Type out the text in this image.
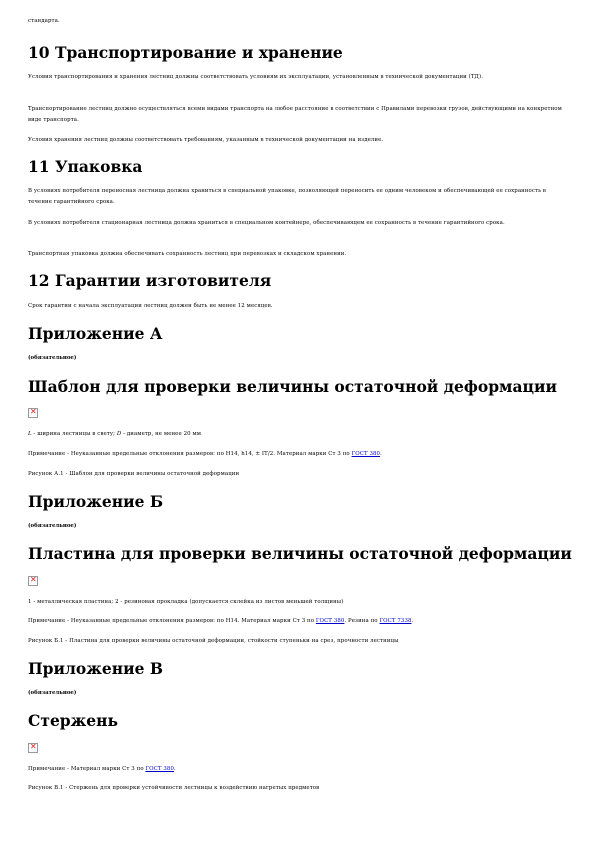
стандарта.

10 Транспортирование и хранение

Условия транспортирования и хранения лестниц должны соответствовать условиям их эксплуатации, установленным в технической документации (ТД).

Транспортирование лестниц должно осуществляться всеми видами транспорта на любое расстояние в соответствии с Правилами перевозки грузов, действующими на конкретном виде транспорта.

Условия хранения лестниц должны соответствовать требованиям, указанным в технической документации на изделие.

11 Упаковка

В условиях потребителя переносная лестница должна храниться в специальной упаковке, позволяющей переносить ее одним человеком и обеспечивающей ее сохранность в течение гарантийного срока.

В условиях потребителя стационарная лестница должна храниться в специальном контейнере, обеспечивающем ее сохранность в течение гарантийного срока.

Транспортная упаковка должна обеспечивать сохранность лестниц при перевозках и складском хранении.

12 Гарантии изготовителя

Срок гарантии с начала эксплуатации лестниц должен быть не менее 12 месяцев.

Приложение А

(обязательное)

Шаблон для проверки величины остаточной деформации
✕

L - ширина лестницы в свету; D - диаметр, не менее 20 мм

Примечание - Неуказанные предельные отклонения размеров: по Н14, h14, ± IT/2. Материал марки Ст 3 по ГОСТ 380.

Рисунок А.1 - Шаблон для проверки величины остаточной деформации

Приложение Б

(обязательное)

Пластина для проверки величины остаточной деформации
✕

1 - металлическая пластина; 2 - резиновая прокладка (допускается склейка из листов меньшей толщины)

Примечание - Неуказанные предельные отклонения размеров: по Н14. Материал марки Ст 3 по ГОСТ 380. Резина по ГОСТ 7338.

Рисунок Б.1 - Пластина для проверки величины остаточной деформации, стойкости ступеньки на срез, прочности лестницы

Приложение В

(обязательное)

Стержень
✕

Примечание - Материал марки Ст 3 по ГОСТ 380.

Рисунок В.1 - Стержень для проверки устойчивости лестницы к воздействию нагретых предметов
